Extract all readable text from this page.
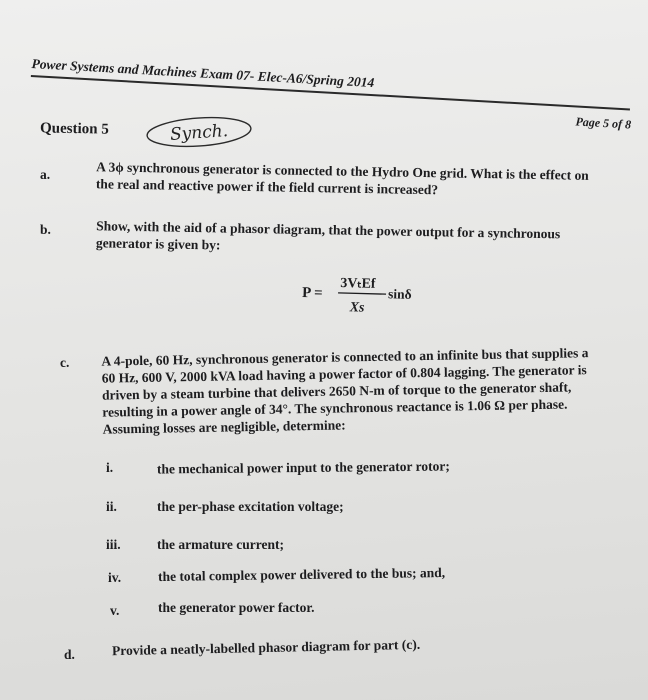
Power Systems and Machines Exam 07- Elec-A6/Spring 2014
Page 5 of 8
Question 5	Synch.
a.	A 3ϕ synchronous generator is connected to the Hydro One grid. What is the effect on
the real and reactive power if the field current is increased?
b.	Show, with the aid of a phasor diagram, that the power output for a synchronous
generator is given by:
P =
3VₜEf
sinδ
Xs
c. A 4-pole, 60 Hz, synchronous generator is connected to an infinite bus that supplies a
60 Hz, 600 V, 2000 kVA load having a power factor of 0.804 lagging. The generator is
driven by a steam turbine that delivers 2650 N-m of torque to the generator shaft,
resulting in a power angle of 34°. The synchronous reactance is 1.06 Ω per phase.
Assuming losses are negligible, determine:
i.	the mechanical power input to the generator rotor;
ii.	the per-phase excitation voltage;
iii.	the armature current;
iv.	the total complex power delivered to the bus; and,
v.	the generator power factor.
d.	Provide a neatly-labelled phasor diagram for part (c).
